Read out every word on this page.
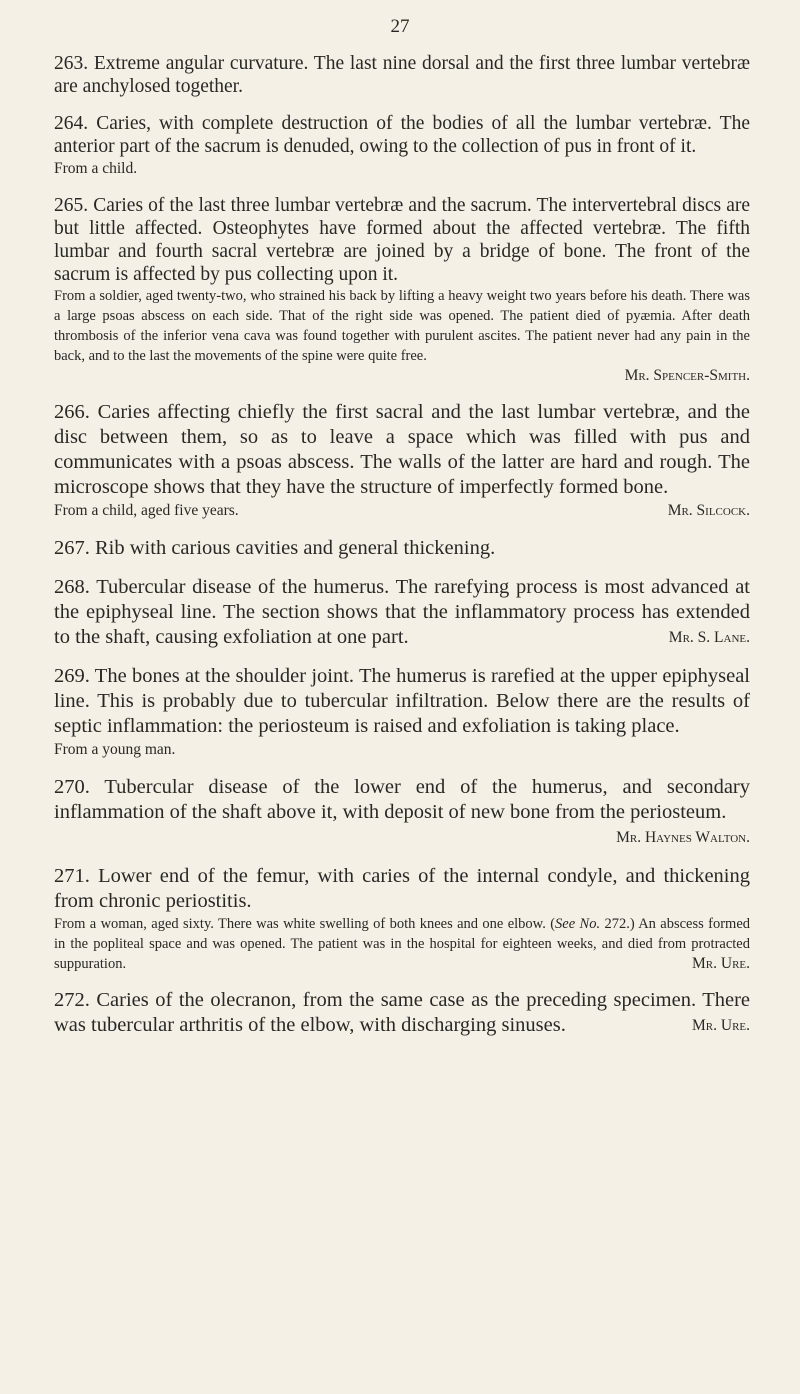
27

263. Extreme angular curvature. The last nine dorsal and the first three lumbar vertebræ are anchylosed together.

264. Caries, with complete destruction of the bodies of all the lumbar vertebræ. The anterior part of the sacrum is denuded, owing to the collection of pus in front of it.

From a child.

265. Caries of the last three lumbar vertebræ and the sacrum. The intervertebral discs are but little affected. Osteophytes have formed about the affected vertebræ. The fifth lumbar and fourth sacral vertebræ are joined by a bridge of bone. The front of the sacrum is affected by pus collecting upon it.

From a soldier, aged twenty-two, who strained his back by lifting a heavy weight two years before his death. There was a large psoas abscess on each side. That of the right side was opened. The patient died of pyæmia. After death thrombosis of the inferior vena cava was found together with purulent ascites. The patient never had any pain in the back, and to the last the movements of the spine were quite free.

Mr. Spencer-Smith.

266. Caries affecting chiefly the first sacral and the last lumbar vertebræ, and the disc between them, so as to leave a space which was filled with pus and communicates with a psoas abscess. The walls of the latter are hard and rough. The microscope shows that they have the structure of imperfectly formed bone.

Mr. Silcock.
From a child, aged five years.

267. Rib with carious cavities and general thickening.

268. Tubercular disease of the humerus. The rarefying process is most advanced at the epiphyseal line. The section shows that the inflammatory process has extended to the shaft, causing exfoliation at one part.	Mr. S. Lane.

269. The bones at the shoulder joint. The humerus is rarefied at the upper epiphyseal line. This is probably due to tubercular infiltration. Below there are the results of septic inflammation: the periosteum is raised and exfoliation is taking place.

From a young man.

270. Tubercular disease of the lower end of the humerus, and secondary inflammation of the shaft above it, with deposit of new bone from the periosteum.
Mr. Haynes Walton.

271. Lower end of the femur, with caries of the internal condyle, and thickening from chronic periostitis.

From a woman, aged sixty. There was white swelling of both knees and one elbow. (See No. 272.) An abscess formed in the popliteal space and was opened. The patient was in the hospital for eighteen weeks, and died from protracted suppuration.	Mr. Ure.

272. Caries of the olecranon, from the same case as the preceding specimen. There was tubercular arthritis of the elbow, with discharging sinuses.	Mr. Ure.
